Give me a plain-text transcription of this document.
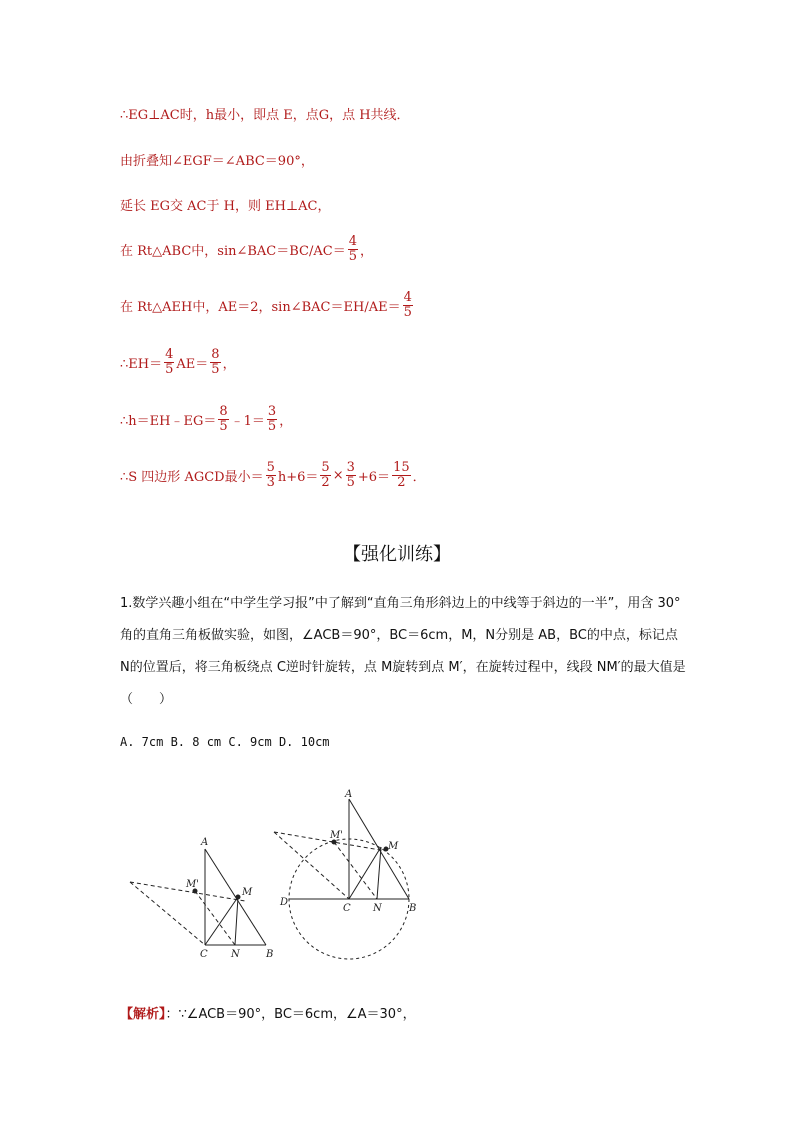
∴EG⊥AC时，h最小，即点 E，点G，点 H共线．
由折叠知∠EGF＝∠ABC＝90°，
延长 EG交 AC于 H，则 EH⊥AC，
在 Rt△ABC中，sin∠BAC＝BC/AC＝ $\frac{4}{5}$ ，
在 Rt△AEH中，AE＝2，sin∠BAC＝EH/AE＝ $\frac{4}{5}$
∴EH＝ $\frac{4}{5} AE= \frac{8}{5}$ ，
∴h＝EH﹣EG＝ $\frac{8}{5}$ ﹣1＝ $\frac{3}{5}$ ，
∴S 四边形 AGCD最小＝ $\frac{5}{3} h+6= \frac{5}{2} \times \frac{3}{5} +6= \frac{15}{2}$ ．
【强化训练】
1.数学兴趣小组在“中学生学习报”中了解到“直角三角形斜边上的中线等于斜边的一半”，用含 30°角的直角三角板做实验，如图，∠ACB＝90°，BC＝6cm，M，N分别是 AB，BC的中点，标记点 N的位置后，将三角板绕点 C逆时针旋转，点 M旋转到点 M′，在旋转过程中，线段 NM′的最大值是（　　）
A. 7cm B. 8 cm C. 9cm D. 10cm
A
M'
M
C N	B
A
M'
M
D
C N	B
【解析】：∵∠ACB＝90°，BC＝6cm，∠A＝30°，
